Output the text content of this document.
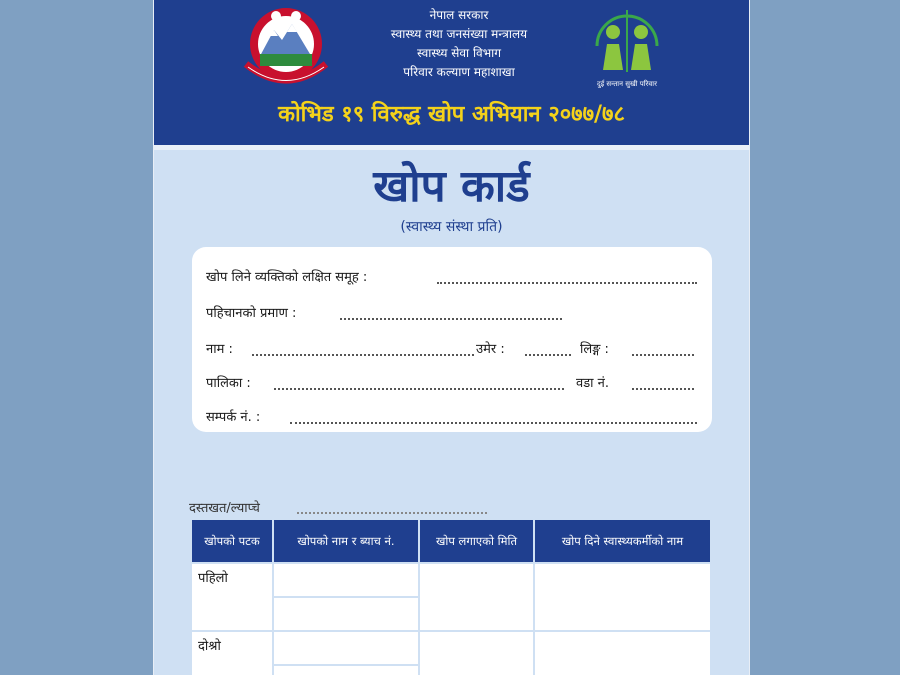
नेपाल सरकार
स्वास्थ्य तथा जनसंख्या मन्त्रालय
स्वास्थ्य सेवा विभाग
परिवार कल्याण महाशाखा
दुई सन्तान सुखी परिवार
कोभिड १९ विरुद्ध खोप अभियान २०७७/७८
खोप कार्ड
(स्वास्थ्य संस्था प्रति)
खोप लिने व्यक्तिको लक्षित समूह :
पहिचानको प्रमाण :
नाम :	उमेर :	लिङ्ग :
पालिका :	वडा नं.
सम्पर्क नं. :
दस्तखत/ल्याप्चे
खोपको पटक	खोपको नाम र ब्याच नं.	खोप लगाएको मिति	खोप दिने स्वास्थ्यकर्मीको नाम
पहिलो			

दोश्रो			
